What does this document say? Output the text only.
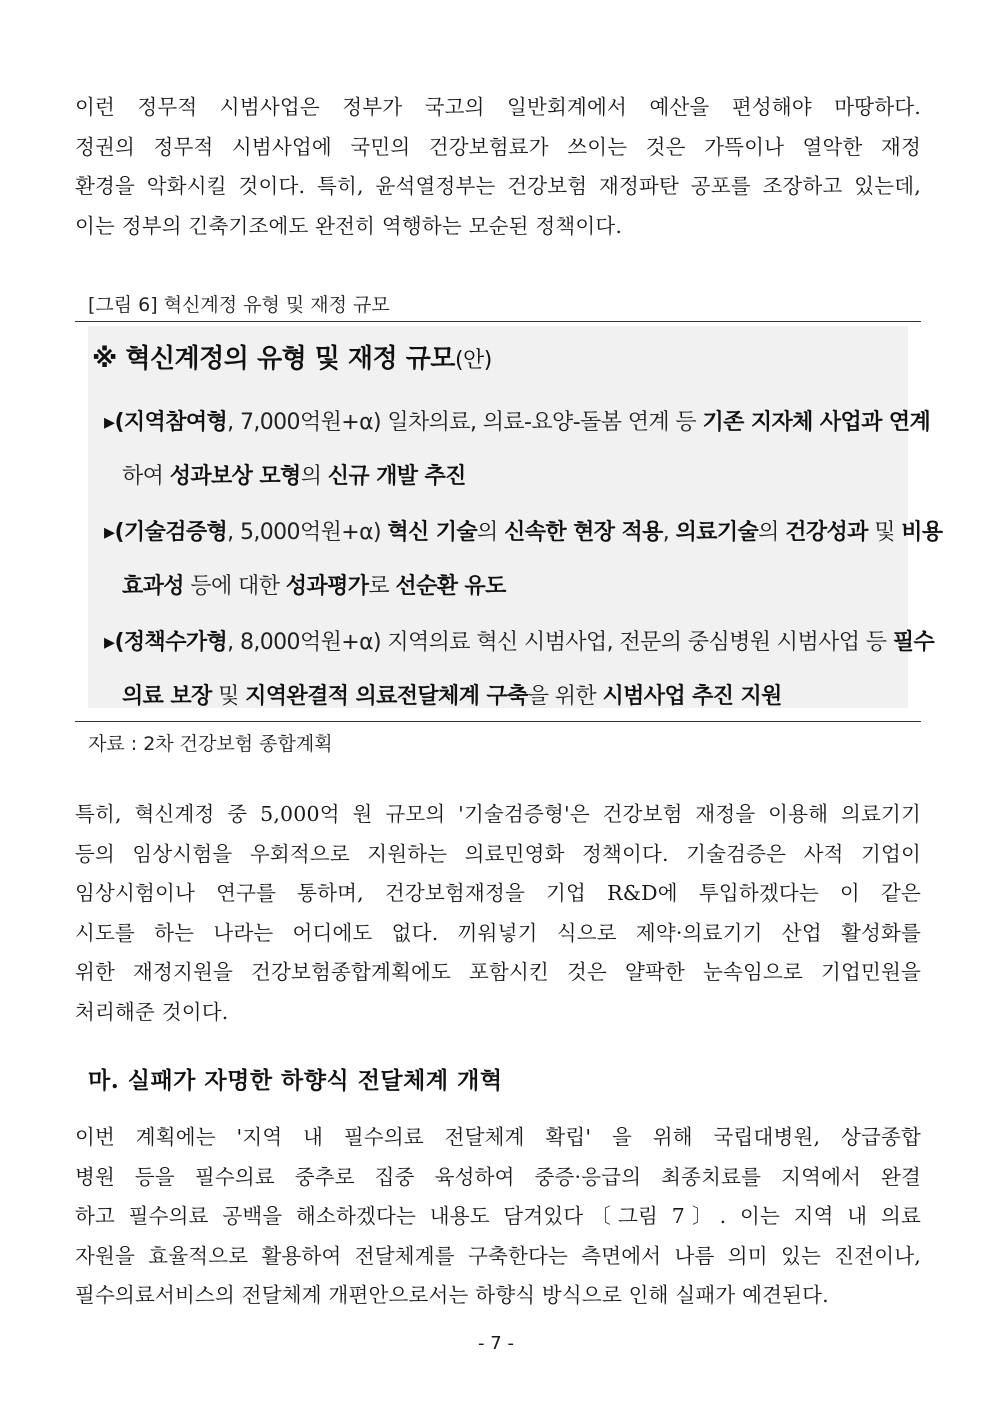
이런 정무적 시범사업은 정부가 국고의 일반회계에서 예산을 편성해야 마땅하다.
정권의 정무적 시범사업에 국민의 건강보험료가 쓰이는 것은 가뜩이나 열악한 재정
환경을 악화시킬 것이다. 특히, 윤석열정부는 건강보험 재정파탄 공포를 조장하고 있는데,
이는 정부의 긴축기조에도 완전히 역행하는 모순된 정책이다.
[그림 6] 혁신계정 유형 및 재정 규모
※ 혁신계정의 유형 및 재정 규모(안)
▸(지역참여형, 7,000억원+α) 일차의료, 의료-요양-돌봄 연계 등 기존 지자체 사업과 연계
하여 성과보상 모형의 신규 개발 추진
▸(기술검증형, 5,000억원+α) 혁신 기술의 신속한 현장 적용, 의료기술의 건강성과 및 비용
효과성 등에 대한 성과평가로 선순환 유도
▸(정책수가형, 8,000억원+α) 지역의료 혁신 시범사업, 전문의 중심병원 시범사업 등 필수
의료 보장 및 지역완결적 의료전달체계 구축을 위한 시범사업 추진 지원
자료 : 2차 건강보험 종합계획
특히, 혁신계정 중 5,000억 원 규모의 '기술검증형'은 건강보험 재정을 이용해 의료기기
등의 임상시험을 우회적으로 지원하는 의료민영화 정책이다. 기술검증은 사적 기업이
임상시험이나 연구를 통하며, 건강보험재정을 기업 R&D에 투입하겠다는 이 같은
시도를 하는 나라는 어디에도 없다. 끼워넣기 식으로 제약·의료기기 산업 활성화를
위한 재정지원을 건강보험종합계획에도 포함시킨 것은 얄팍한 눈속임으로 기업민원을
처리해준 것이다.
마. 실패가 자명한 하향식 전달체계 개혁
이번 계획에는 '지역 내 필수의료 전달체계 확립' 을 위해 국립대병원, 상급종합
병원 등을 필수의료 중추로 집중 육성하여 중증·응급의 최종치료를 지역에서 완결
하고 필수의료 공백을 해소하겠다는 내용도 담겨있다〔그림 7〕. 이는 지역 내 의료
자원을 효율적으로 활용하여 전달체계를 구축한다는 측면에서 나름 의미 있는 진전이나,
필수의료서비스의 전달체계 개편안으로서는 하향식 방식으로 인해 실패가 예견된다.
- 7 -
